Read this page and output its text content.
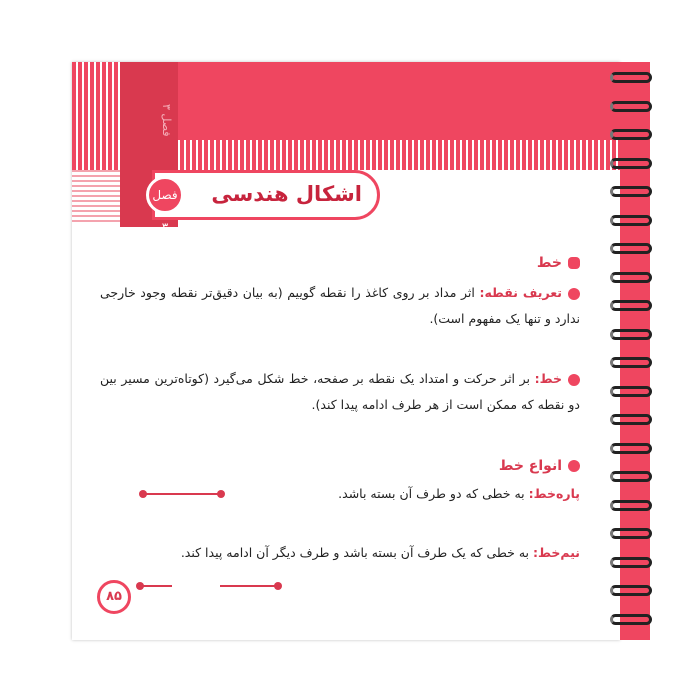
فصل ۳
اشکال هندسی
فصل ۳
خط
تعریف نقطه: اثر مداد بر روی کاغذ را نقطه گوییم (به بیان دقیق‌تر نقطه وجود خارجی ندارد و تنها یک مفهوم است).
خط: بر اثر حرکت و امتداد یک نقطه بر صفحه، خط شکل می‌گیرد (کوتاه‌ترین مسیر بین دو نقطه که ممکن است از هر طرف ادامه پیدا کند).
انواع خط
پاره‌خط: به خطی که دو طرف آن بسته باشد.
نیم‌خط: به خطی که یک طرف آن بسته باشد و طرف دیگر آن ادامه پیدا کند.
۸۵
